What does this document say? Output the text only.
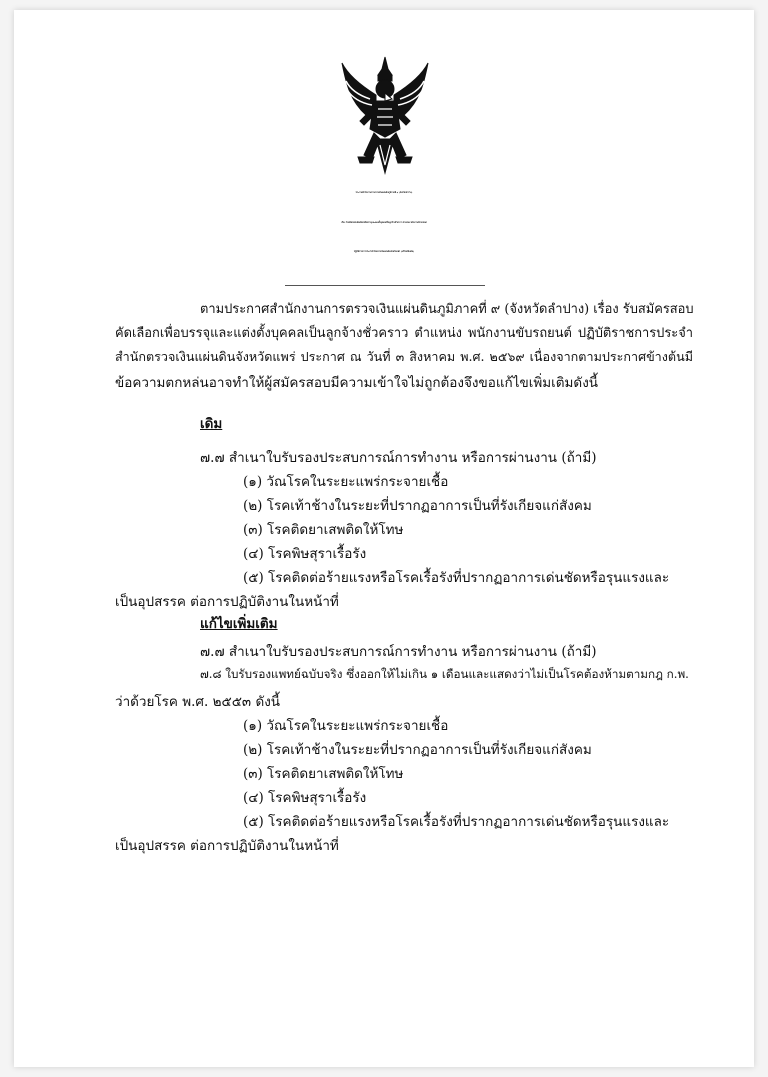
ประกาศสำนักงานการตรวจเงินแผ่นดินภูมิภาคที่ ๙ (จังหวัดลำปาง)
เรื่อง รับสมัครสอบคัดเลือกเพื่อบรรจุและแต่งตั้งบุคคลเป็นลูกจ้างชั่วคราว ตำแหน่ง พนักงานขับรถยนต์
ปฏิบัติราชการประจำสำนักตรวจเงินแผ่นดินจังหวัดแพร่ (แก้ไขเพิ่มเติม)
ตามประกาศสำนักงานการตรวจเงินแผ่นดินภูมิภาคที่ ๙ (จังหวัดลำปาง) เรื่อง รับสมัครสอบ
คัดเลือกเพื่อบรรจุและแต่งตั้งบุคคลเป็นลูกจ้างชั่วคราว ตำแหน่ง พนักงานขับรถยนต์ ปฏิบัติราชการประจำ
สำนักตรวจเงินแผ่นดินจังหวัดแพร่ ประกาศ ณ วันที่ ๓ สิงหาคม พ.ศ. ๒๕๖๙ เนื่องจากตามประกาศข้างต้นมี
ข้อความตกหล่นอาจทำให้ผู้สมัครสอบมีความเข้าใจไม่ถูกต้องจึงขอแก้ไขเพิ่มเติมดังนี้
เดิม
๗.๗ สำเนาใบรับรองประสบการณ์การทำงาน หรือการผ่านงาน (ถ้ามี)
(๑) วัณโรคในระยะแพร่กระจายเชื้อ
(๒) โรคเท้าช้างในระยะที่ปรากฏอาการเป็นที่รังเกียจแก่สังคม
(๓) โรคติดยาเสพติดให้โทษ
(๔) โรคพิษสุราเรื้อรัง
(๕) โรคติดต่อร้ายแรงหรือโรคเรื้อรังที่ปรากฏอาการเด่นชัดหรือรุนแรงและ
เป็นอุปสรรค ต่อการปฏิบัติงานในหน้าที่
แก้ไขเพิ่มเติม
๗.๗ สำเนาใบรับรองประสบการณ์การทำงาน หรือการผ่านงาน (ถ้ามี)
๗.๘ ใบรับรองแพทย์ฉบับจริง ซึ่งออกให้ไม่เกิน ๑ เดือนและแสดงว่าไม่เป็นโรคต้องห้ามตามกฎ ก.พ.
ว่าด้วยโรค พ.ศ. ๒๕๕๓ ดังนี้
(๑) วัณโรคในระยะแพร่กระจายเชื้อ
(๒) โรคเท้าช้างในระยะที่ปรากฏอาการเป็นที่รังเกียจแก่สังคม
(๓) โรคติดยาเสพติดให้โทษ
(๔) โรคพิษสุราเรื้อรัง
(๕) โรคติดต่อร้ายแรงหรือโรคเรื้อรังที่ปรากฏอาการเด่นชัดหรือรุนแรงและ
เป็นอุปสรรค ต่อการปฏิบัติงานในหน้าที่
